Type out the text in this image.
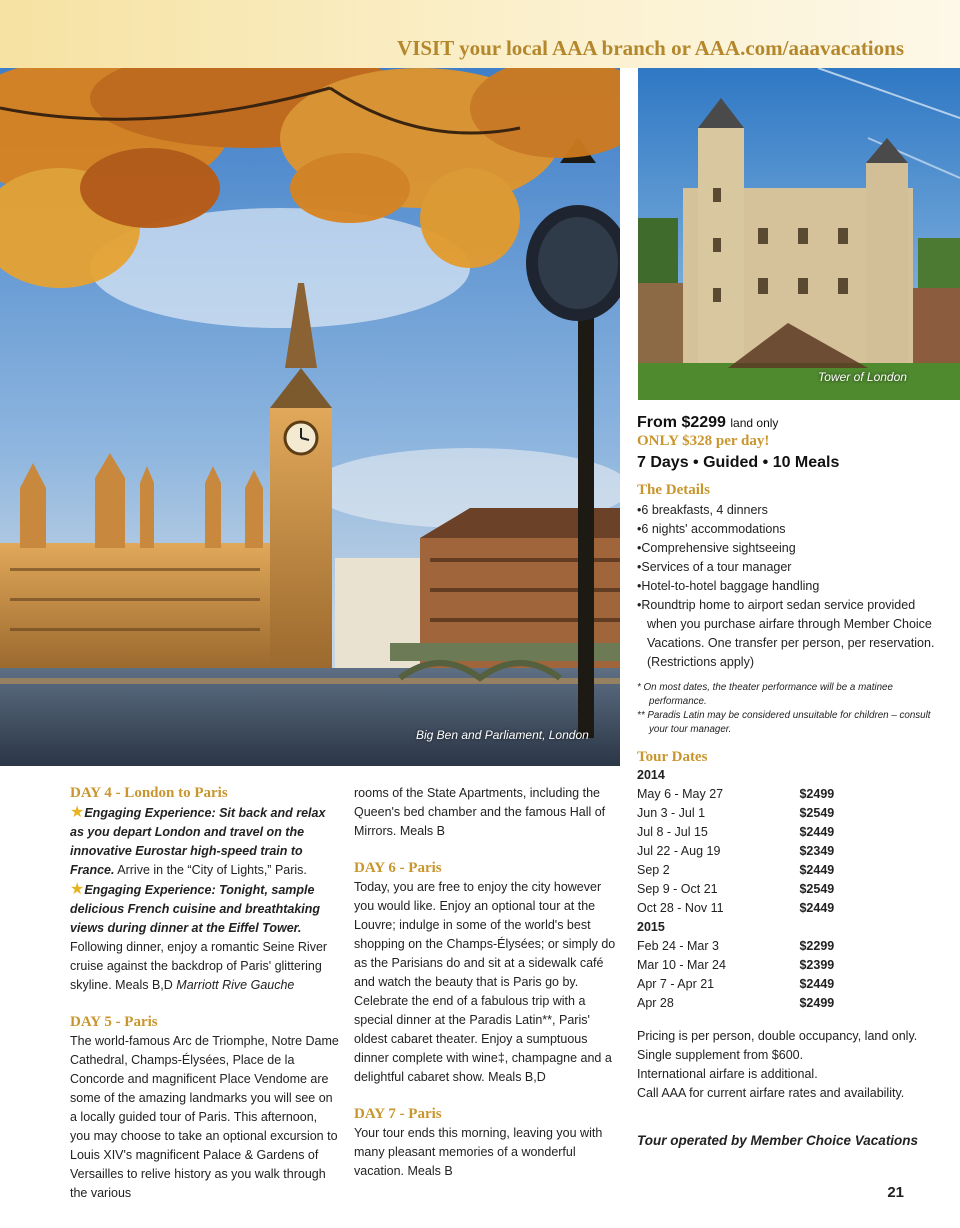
VISIT your local AAA branch or AAA.com/aaavacations
Big Ben and Parliament, London
Tower of London
From $2299 land only
ONLY $328 per day!
7 Days • Guided • 10 Meals
The Details
• 6 breakfasts, 4 dinners
• 6 nights' accommodations
• Comprehensive sightseeing
• Services of a tour manager
• Hotel-to-hotel baggage handling
• Roundtrip home to airport sedan service provided when you purchase airfare through Member Choice Vacations. One transfer per person, per reservation. (Restrictions apply)
* On most dates, the theater performance will be a matinee performance.
** Paradis Latin may be considered unsuitable for children – consult your tour manager.
Tour Dates
2014	
May 6 - May 27	$2499
Jun 3 - Jul 1	$2549
Jul 8 - Jul 15	$2449
Jul 22 - Aug 19	$2349
Sep 2	$2449
Sep 9 - Oct 21	$2549
Oct 28 - Nov 11	$2449
2015	
Feb 24 - Mar 3	$2299
Mar 10 - Mar 24	$2399
Apr 7 - Apr 21	$2449
Apr 28	$2499
Pricing is per person, double occupancy, land only.
Single supplement from $600.
International airfare is additional.
Call AAA for current airfare rates and availability.
Tour operated by Member Choice Vacations
21
DAY 4 - London to Paris
★Engaging Experience: Sit back and relax as you depart London and travel on the innovative Eurostar high-speed train to France. Arrive in the “City of Lights,” Paris.
★Engaging Experience: Tonight, sample delicious French cuisine and breathtaking views during dinner at the Eiffel Tower. Following dinner, enjoy a romantic Seine River cruise against the backdrop of Paris' glittering skyline. Meals B,D Marriott Rive Gauche
DAY 5 - Paris
The world-famous Arc de Triomphe, Notre Dame Cathedral, Champs-Élysées, Place de la Concorde and magnificent Place Vendome are some of the amazing landmarks you will see on a locally guided tour of Paris. This afternoon, you may choose to take an optional excursion to Louis XIV's magnificent Palace & Gardens of Versailles to relive history as you walk through the various
rooms of the State Apartments, including the Queen's bed chamber and the famous Hall of Mirrors. Meals B
DAY 6 - Paris
Today, you are free to enjoy the city however you would like. Enjoy an optional tour at the Louvre; indulge in some of the world's best shopping on the Champs-Élysées; or simply do as the Parisians do and sit at a sidewalk café and watch the beauty that is Paris go by. Celebrate the end of a fabulous trip with a special dinner at the Paradis Latin**, Paris' oldest cabaret theater. Enjoy a sumptuous dinner complete with wine‡, champagne and a delightful cabaret show. Meals B,D
DAY 7 - Paris
Your tour ends this morning, leaving you with many pleasant memories of a wonderful vacation. Meals B
